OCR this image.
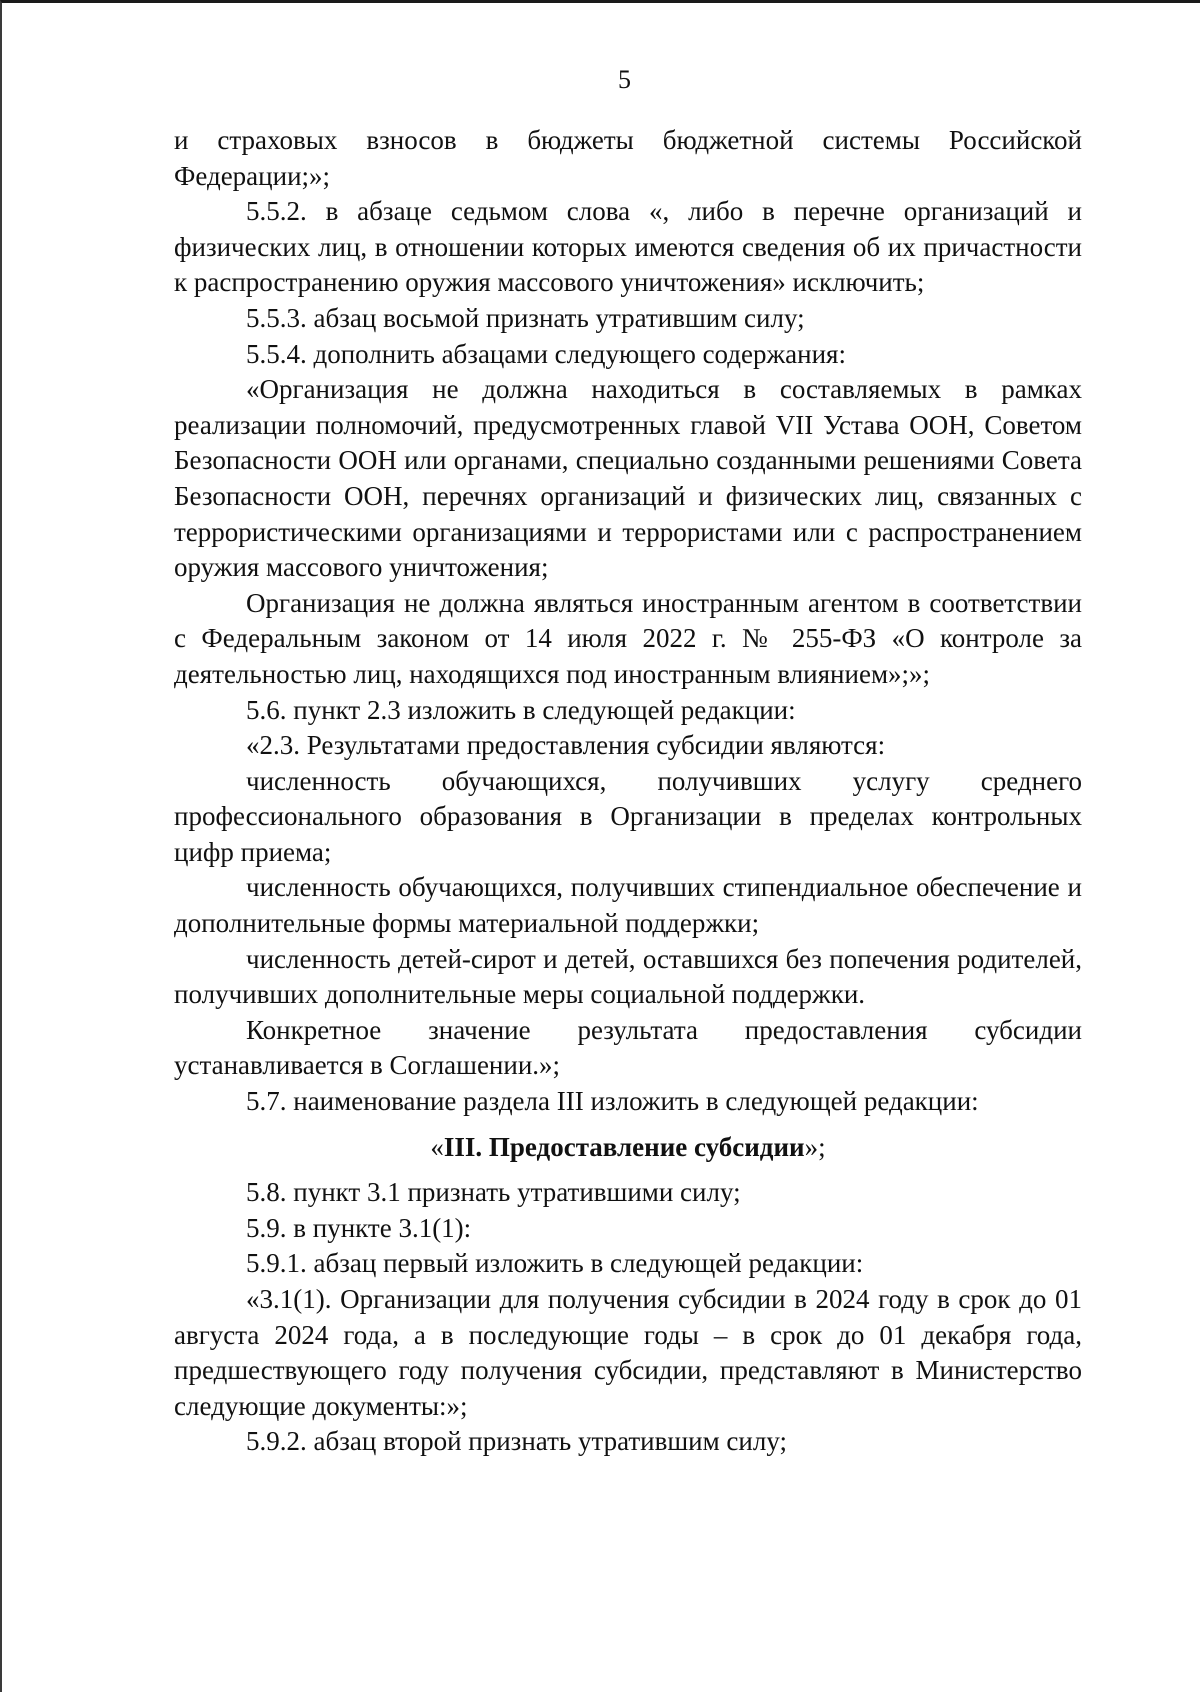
5

и страховых взносов в бюджеты бюджетной системы Российской Федерации;»;

5.5.2. в абзаце седьмом слова «, либо в перечне организаций и физических лиц, в отношении которых имеются сведения об их причастности к распространению оружия массового уничтожения» исключить;

5.5.3. абзац восьмой признать утратившим силу;

5.5.4. дополнить абзацами следующего содержания:

«Организация не должна находиться в составляемых в рамках реализации полномочий, предусмотренных главой VII Устава ООН, Советом Безопасности ООН или органами, специально созданными решениями Совета Безопасности ООН, перечнях организаций и физических лиц, связанных с террористическими организациями и террористами или с распространением оружия массового уничтожения;

Организация не должна являться иностранным агентом в соответствии с Федеральным законом от 14 июля 2022 г. № 255-ФЗ «О контроле за деятельностью лиц, находящихся под иностранным влиянием»;»;

5.6. пункт 2.3 изложить в следующей редакции:

«2.3. Результатами предоставления субсидии являются:

численность обучающихся, получивших услугу среднего профессионального образования в Организации в пределах контрольных цифр приема;

численность обучающихся, получивших стипендиальное обеспечение и дополнительные формы материальной поддержки;

численность детей-сирот и детей, оставшихся без попечения родителей, получивших дополнительные меры социальной поддержки.

Конкретное значение результата предоставления субсидии устанавливается в Соглашении.»;

5.7. наименование раздела III изложить в следующей редакции:

«III. Предоставление субсидии»;

5.8. пункт 3.1 признать утратившими силу;

5.9. в пункте 3.1(1):

5.9.1. абзац первый изложить в следующей редакции:

«3.1(1). Организации для получения субсидии в 2024 году в срок до 01 августа 2024 года, а в последующие годы – в срок до 01 декабря года, предшествующего году получения субсидии, представляют в Министерство следующие документы:»;

5.9.2. абзац второй признать утратившим силу;
